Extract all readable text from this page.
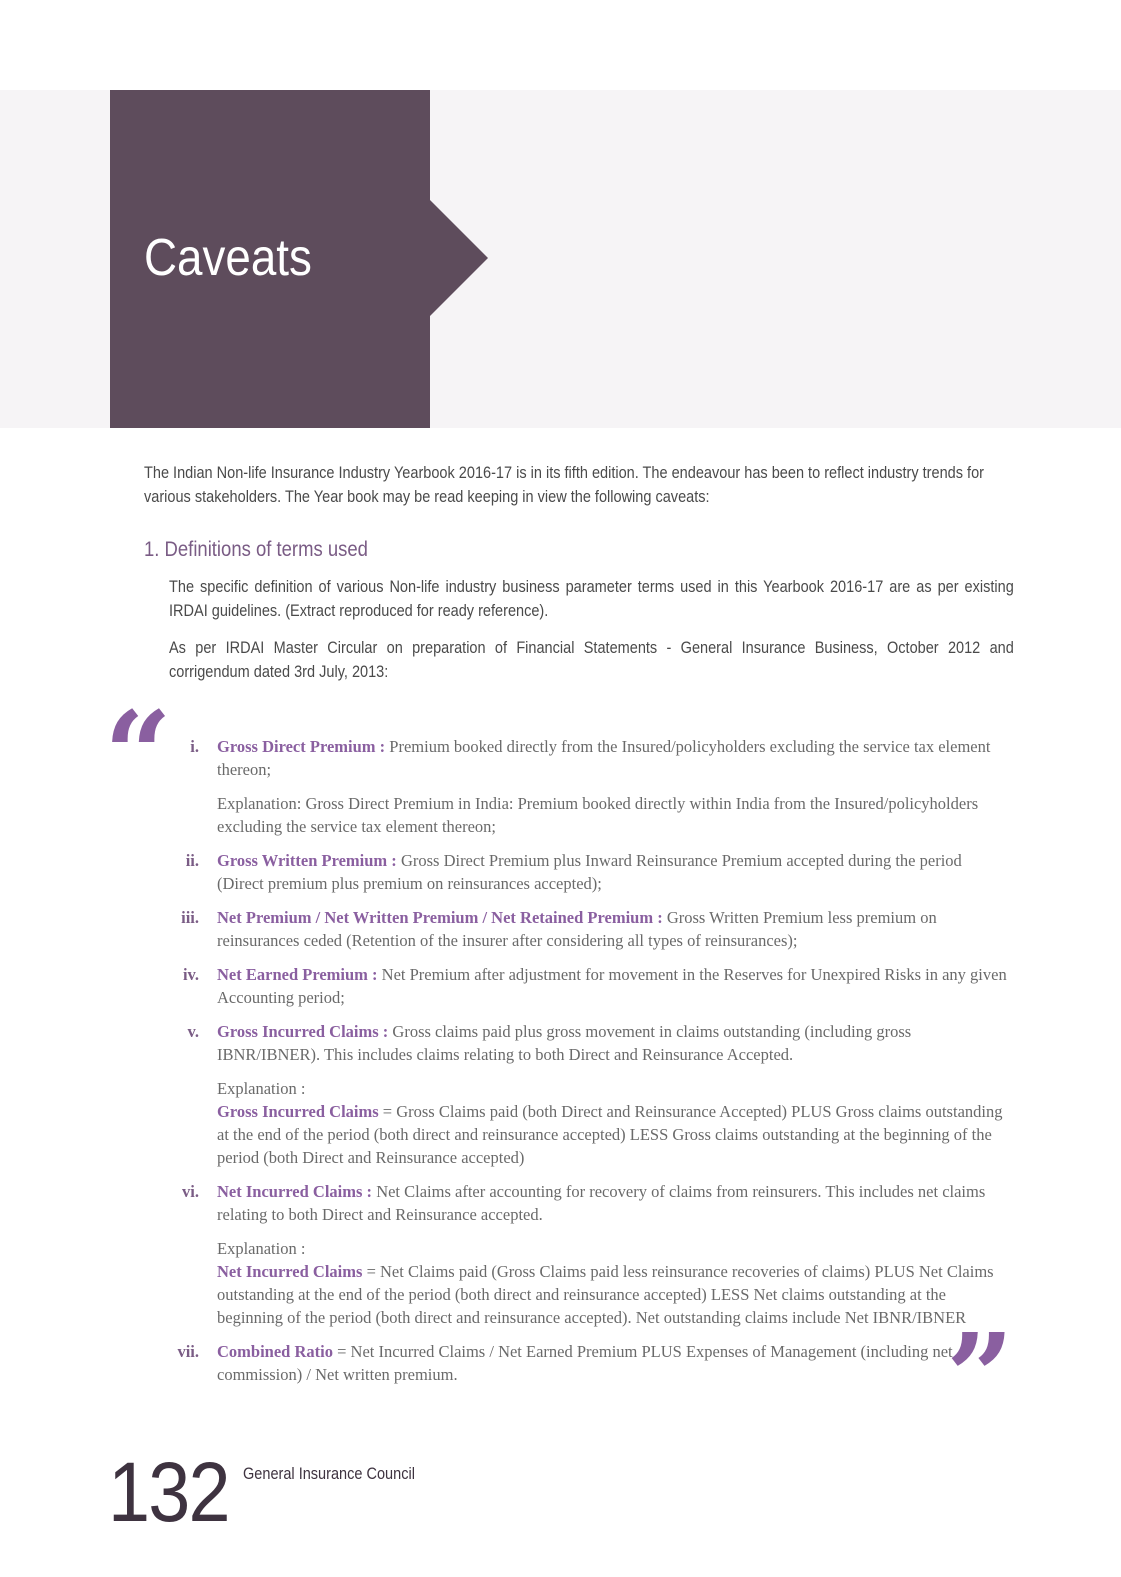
Caveats

The Indian Non-life Insurance Industry Yearbook 2016-17 is in its fifth edition. The endeavour has been to reflect industry trends for various stakeholders. The Year book may be read keeping in view the following caveats:

1. Definitions of terms used

The specific definition of various Non-life industry business parameter terms used in this Yearbook 2016-17 are as per existing IRDAI guidelines. (Extract reproduced for ready reference).

As per IRDAI Master Circular on preparation of Financial Statements - General Insurance Business, October 2012 and corrigendum dated 3rd July, 2013:

“	i. Gross Direct Premium : Premium booked directly from the Insured/policyholders excluding the service tax element thereon;
Explanation: Gross Direct Premium in India: Premium booked directly within India from the Insured/policyholders excluding the service tax element thereon;
ii. Gross Written Premium : Gross Direct Premium plus Inward Reinsurance Premium accepted during the period (Direct premium plus premium on reinsurances accepted);
iii. Net Premium / Net Written Premium / Net Retained Premium : Gross Written Premium less premium on reinsurances ceded (Retention of the insurer after considering all types of reinsurances);
iv. Net Earned Premium : Net Premium after adjustment for movement in the Reserves for Unexpired Risks in any given Accounting period;
v. Gross Incurred Claims : Gross claims paid plus gross movement in claims outstanding (including gross IBNR/IBNER). This includes claims relating to both Direct and Reinsurance Accepted.
Explanation :
Gross Incurred Claims = Gross Claims paid (both Direct and Reinsurance Accepted) PLUS Gross claims outstanding at the end of the period (both direct and reinsurance accepted) LESS Gross claims outstanding at the beginning of the period (both Direct and Reinsurance accepted)
vi. Net Incurred Claims : Net Claims after accounting for recovery of claims from reinsurers. This includes net claims relating to both Direct and Reinsurance accepted.
Explanation :
Net Incurred Claims = Net Claims paid (Gross Claims paid less reinsurance recoveries of claims) PLUS Net Claims outstanding at the end of the period (both direct and reinsurance accepted) LESS Net claims outstanding at the beginning of the period (both direct and reinsurance accepted). Net outstanding claims include Net IBNR/IBNER
vii. Combined Ratio = Net Incurred Claims / Net Earned Premium PLUS Expenses of Management (including net commission) / Net written premium.	”
132 General Insurance Council
